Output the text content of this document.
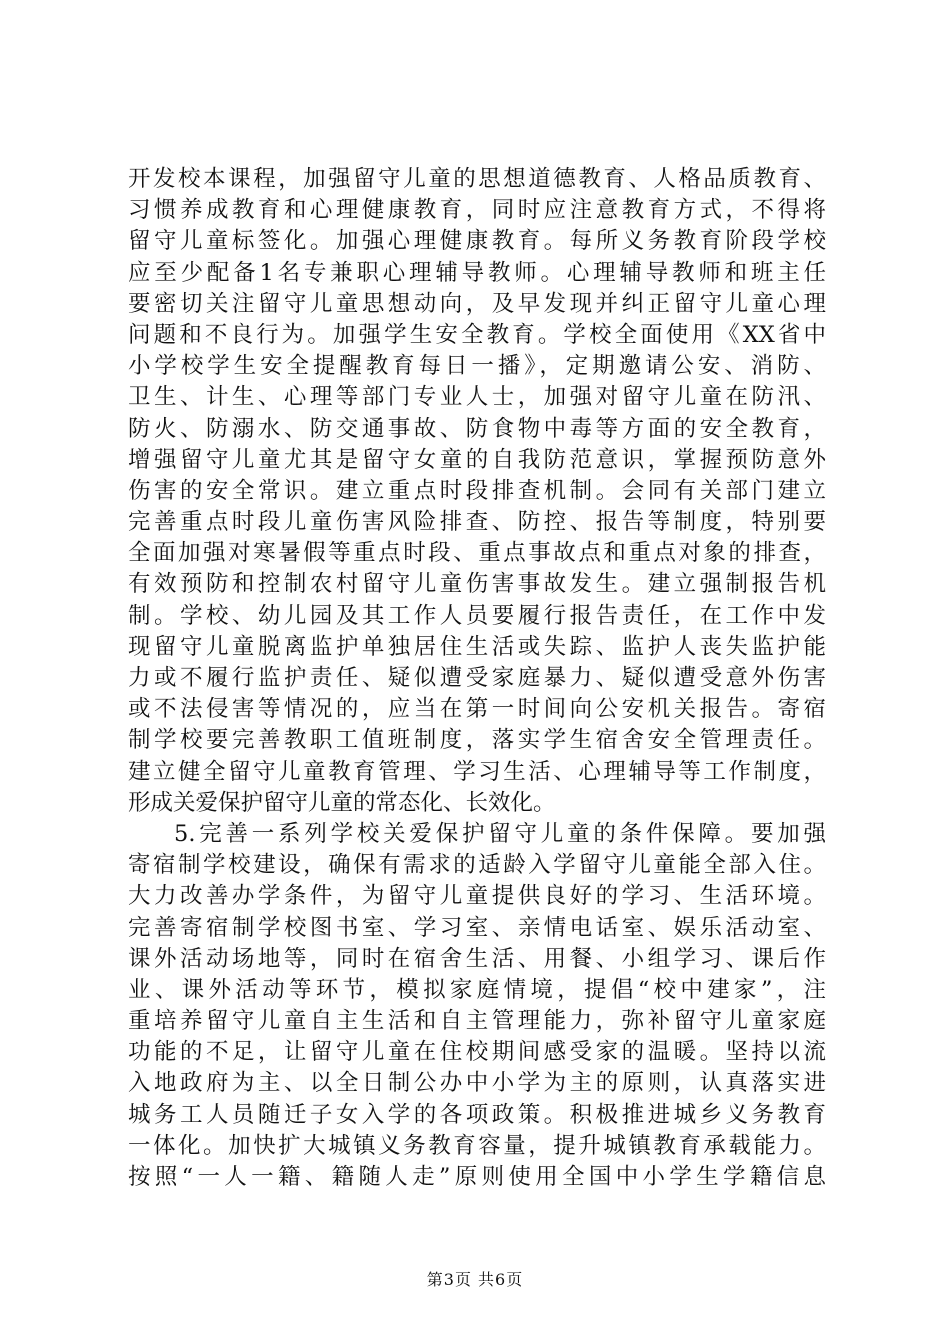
开发校本课程，加强留守儿童的思想道德教育、人格品质教育、
习惯养成教育和心理健康教育，同时应注意教育方式，不得将
留守儿童标签化。加强心理健康教育。每所义务教育阶段学校
应至少配备1名专兼职心理辅导教师。心理辅导教师和班主任
要密切关注留守儿童思想动向，及早发现并纠正留守儿童心理
问题和不良行为。加强学生安全教育。学校全面使用《XX省中
小学校学生安全提醒教育每日一播》，定期邀请公安、消防、
卫生、计生、心理等部门专业人士，加强对留守儿童在防汛、
防火、防溺水、防交通事故、防食物中毒等方面的安全教育，
增强留守儿童尤其是留守女童的自我防范意识，掌握预防意外
伤害的安全常识。建立重点时段排查机制。会同有关部门建立
完善重点时段儿童伤害风险排查、防控、报告等制度，特别要
全面加强对寒暑假等重点时段、重点事故点和重点对象的排查，
有效预防和控制农村留守儿童伤害事故发生。建立强制报告机
制。学校、幼儿园及其工作人员要履行报告责任，在工作中发
现留守儿童脱离监护单独居住生活或失踪、监护人丧失监护能
力或不履行监护责任、疑似遭受家庭暴力、疑似遭受意外伤害
或不法侵害等情况的，应当在第一时间向公安机关报告。寄宿
制学校要完善教职工值班制度，落实学生宿舍安全管理责任。
建立健全留守儿童教育管理、学习生活、心理辅导等工作制度，
形成关爱保护留守儿童的常态化、长效化。
5.完善一系列学校关爱保护留守儿童的条件保障。要加强
寄宿制学校建设，确保有需求的适龄入学留守儿童能全部入住。
大力改善办学条件，为留守儿童提供良好的学习、生活环境。
完善寄宿制学校图书室、学习室、亲情电话室、娱乐活动室、
课外活动场地等，同时在宿舍生活、用餐、小组学习、课后作
业、课外活动等环节，模拟家庭情境，提倡“校中建家”，注
重培养留守儿童自主生活和自主管理能力，弥补留守儿童家庭
功能的不足，让留守儿童在住校期间感受家的温暖。坚持以流
入地政府为主、以全日制公办中小学为主的原则，认真落实进
城务工人员随迁子女入学的各项政策。积极推进城乡义务教育
一体化。加快扩大城镇义务教育容量，提升城镇教育承载能力。
按照“一人一籍、籍随人走”原则使用全国中小学生学籍信息
第3页 共6页
